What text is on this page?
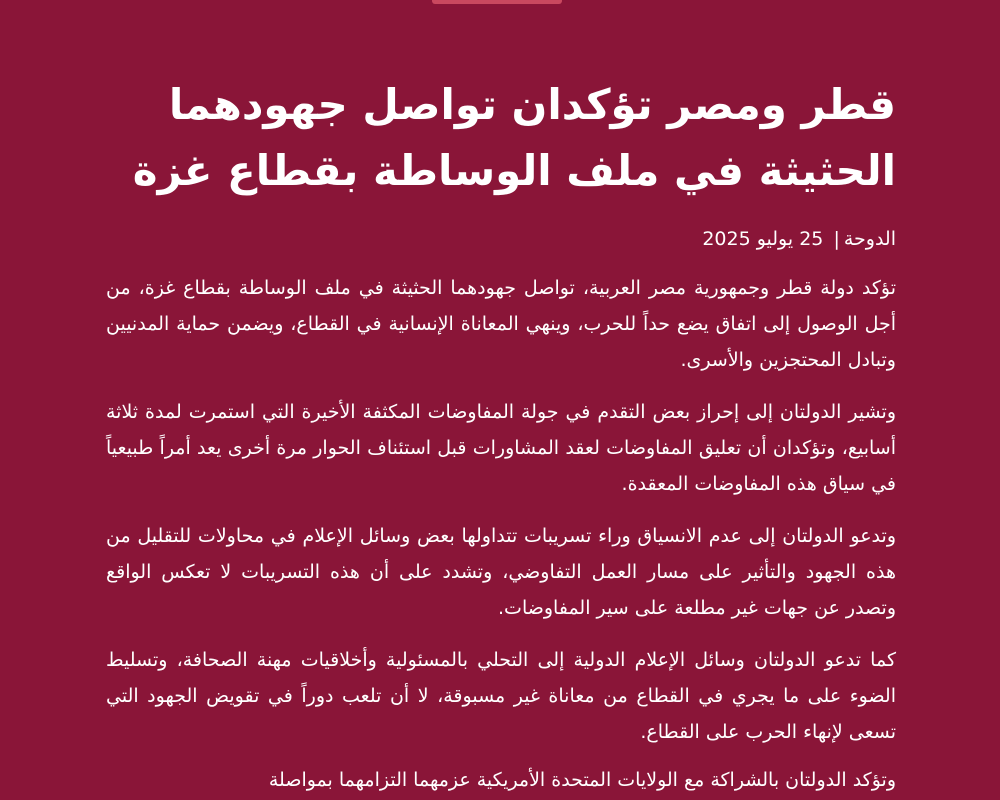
قطر ومصر تؤكدان تواصل جهودهما الحثيثة في ملف الوساطة بقطاع غزة
الدوحة| 25 يوليو 2025

تؤكد دولة قطر وجمهورية مصر العربية، تواصل جهودهما الحثيثة في ملف الوساطة بقطاع غزة، من أجل الوصول إلى اتفاق يضع حداً للحرب، وينهي المعاناة الإنسانية في القطاع، ويضمن حماية المدنيين وتبادل المحتجزين والأسرى.

وتشير الدولتان إلى إحراز بعض التقدم في جولة المفاوضات المكثفة الأخيرة التي استمرت لمدة ثلاثة أسابيع، وتؤكدان أن تعليق المفاوضات لعقد المشاورات قبل استئناف الحوار مرة أخرى يعد أمراً طبيعياً في سياق هذه المفاوضات المعقدة.

وتدعو الدولتان إلى عدم الانسياق وراء تسريبات تتداولها بعض وسائل الإعلام في محاولات للتقليل من هذه الجهود والتأثير على مسار العمل التفاوضي، وتشدد على أن هذه التسريبات لا تعكس الواقع وتصدر عن جهات غير مطلعة على سير المفاوضات.

كما تدعو الدولتان وسائل الإعلام الدولية إلى التحلي بالمسئولية وأخلاقيات مهنة الصحافة، وتسليط الضوء على ما يجري في القطاع من معاناة غير مسبوقة، لا أن تلعب دوراً في تقويض الجهود التي تسعى لإنهاء الحرب على القطاع.

وتؤكد الدولتان بالشراكة مع الولايات المتحدة الأمريكية عزمهما التزامهما بمواصلة
